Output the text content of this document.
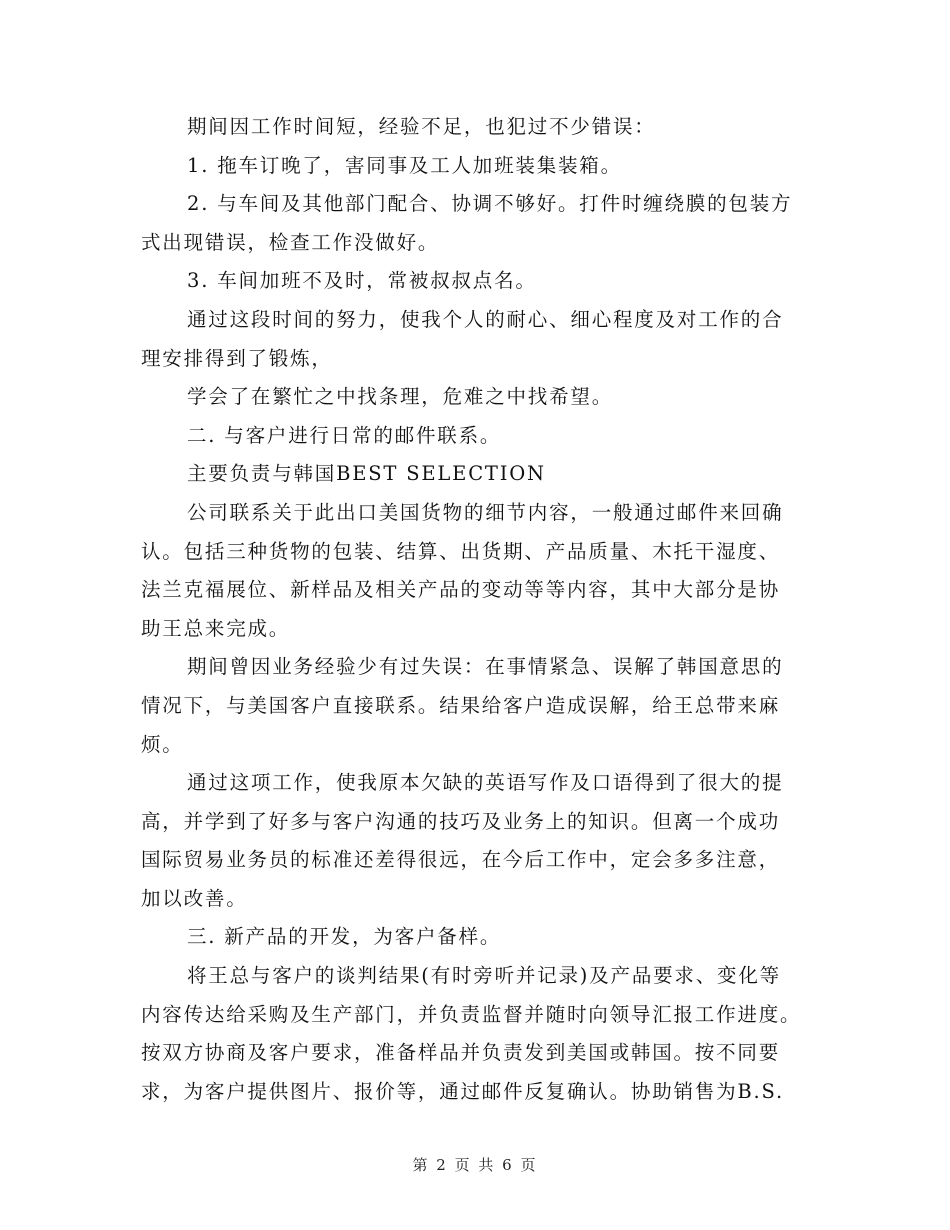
期间因工作时间短，经验不足，也犯过不少错误：
1. 拖车订晚了，害同事及工人加班装集装箱。
2. 与车间及其他部门配合、协调不够好。打件时缠绕膜的包装方
式出现错误，检查工作没做好。
3. 车间加班不及时，常被叔叔点名。
通过这段时间的努力，使我个人的耐心、细心程度及对工作的合
理安排得到了锻炼，
学会了在繁忙之中找条理，危难之中找希望。
二. 与客户进行日常的邮件联系。
主要负责与韩国BEST SELECTION
公司联系关于此出口美国货物的细节内容，一般通过邮件来回确
认。包括三种货物的包装、结算、出货期、产品质量、木托干湿度、
法兰克福展位、新样品及相关产品的变动等等内容，其中大部分是协
助王总来完成。
期间曾因业务经验少有过失误：在事情紧急、误解了韩国意思的
情况下，与美国客户直接联系。结果给客户造成误解，给王总带来麻
烦。
通过这项工作，使我原本欠缺的英语写作及口语得到了很大的提
高，并学到了好多与客户沟通的技巧及业务上的知识。但离一个成功
国际贸易业务员的标准还差得很远，在今后工作中，定会多多注意，
加以改善。
三. 新产品的开发，为客户备样。
将王总与客户的谈判结果(有时旁听并记录)及产品要求、变化等
内容传达给采购及生产部门，并负责监督并随时向领导汇报工作进度。
按双方协商及客户要求，准备样品并负责发到美国或韩国。按不同要
求，为客户提供图片、报价等，通过邮件反复确认。协助销售为B.S.
第 2 页 共 6 页
